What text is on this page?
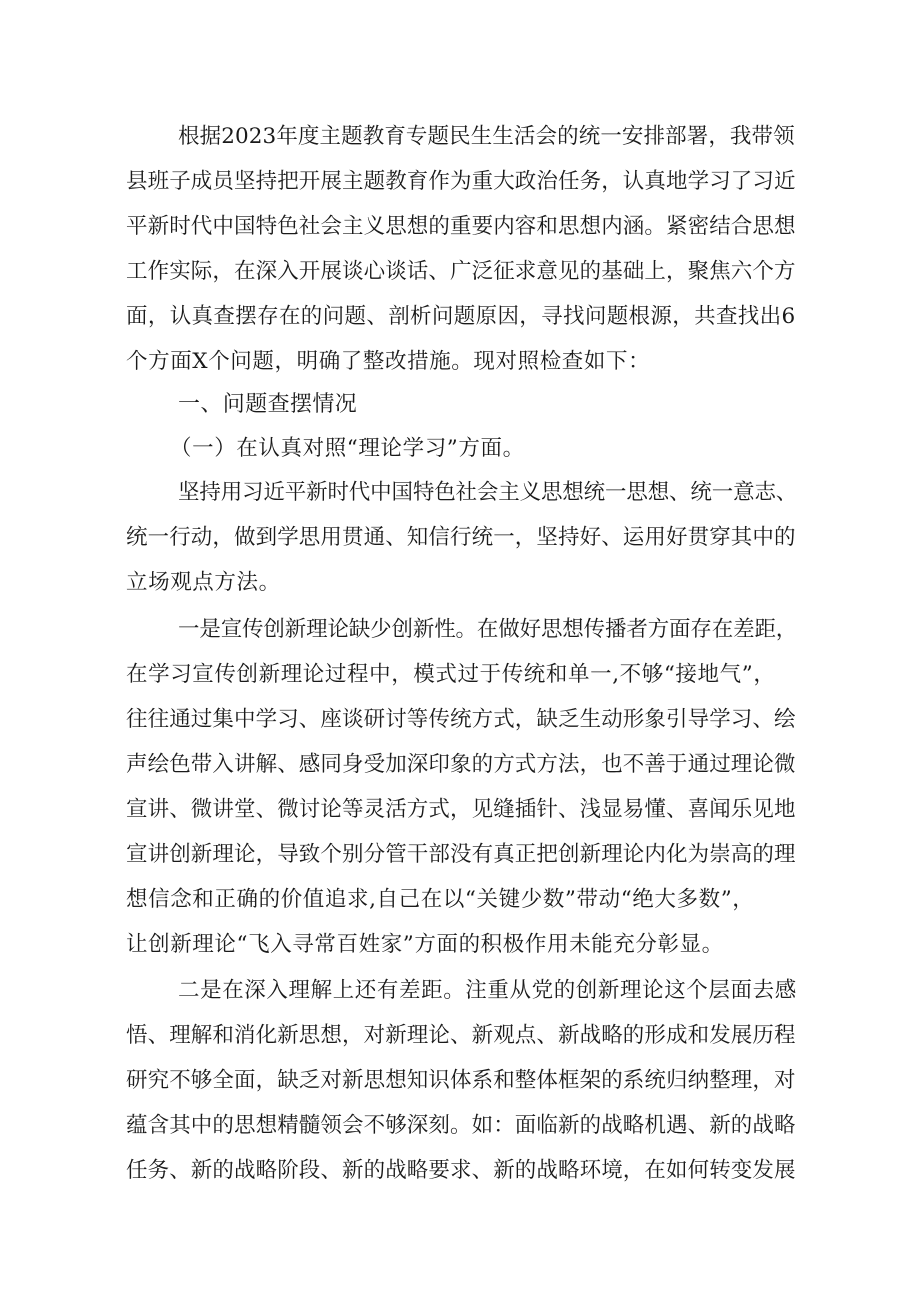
根据2023年度主题教育专题民生生活会的统一安排部署，我带领
县班子成员坚持把开展主题教育作为重大政治任务，认真地学习了习近
平新时代中国特色社会主义思想的重要内容和思想内涵。紧密结合思想
工作实际，在深入开展谈心谈话、广泛征求意见的基础上，聚焦六个方
面，认真查摆存在的问题、剖析问题原因，寻找问题根源，共查找出6
个方面X个问题，明确了整改措施。现对照检查如下：
一、问题查摆情况
（一）在认真对照“理论学习”方面。
坚持用习近平新时代中国特色社会主义思想统一思想、统一意志、
统一行动，做到学思用贯通、知信行统一，坚持好、运用好贯穿其中的
立场观点方法。
一是宣传创新理论缺少创新性。在做好思想传播者方面存在差距，
在学习宣传创新理论过程中，模式过于传统和单一,不够“接地气”，
往往通过集中学习、座谈研讨等传统方式，缺乏生动形象引导学习、绘
声绘色带入讲解、感同身受加深印象的方式方法，也不善于通过理论微
宣讲、微讲堂、微讨论等灵活方式，见缝插针、浅显易懂、喜闻乐见地
宣讲创新理论，导致个别分管干部没有真正把创新理论内化为崇高的理
想信念和正确的价值追求,自己在以“关键少数”带动“绝大多数”，
让创新理论“飞入寻常百姓家”方面的积极作用未能充分彰显。
二是在深入理解上还有差距。注重从党的创新理论这个层面去感
悟、理解和消化新思想，对新理论、新观点、新战略的形成和发展历程
研究不够全面，缺乏对新思想知识体系和整体框架的系统归纳整理，对
蕴含其中的思想精髓领会不够深刻。如：面临新的战略机遇、新的战略
任务、新的战略阶段、新的战略要求、新的战略环境，在如何转变发展
